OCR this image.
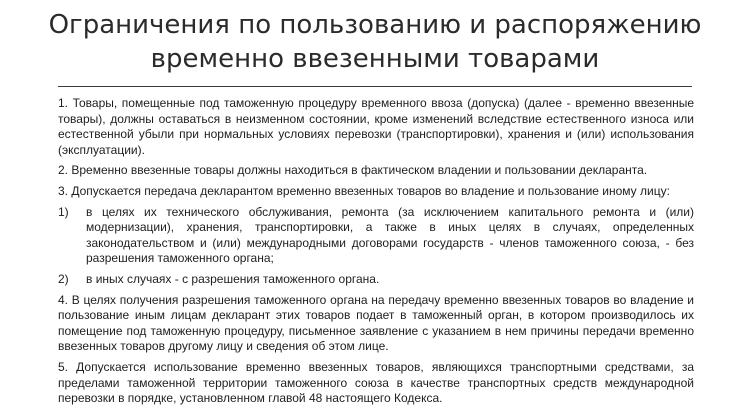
Ограничения по пользованию и распоряжению
временно ввезенными товарами

1. Товары, помещенные под таможенную процедуру временного ввоза (допуска) (далее - временно ввезенные товары), должны оставаться в неизменном состоянии, кроме изменений вследствие естественного износа или естественной убыли при нормальных условиях перевозки (транспортировки), хранения и (или) использования (эксплуатации).

2. Временно ввезенные товары должны находиться в фактическом владении и пользовании декларанта.

3. Допускается передача декларантом временно ввезенных товаров во владение и пользование иному лицу:

1)	в целях их технического обслуживания, ремонта (за исключением капитального ремонта и (или) модернизации), хранения, транспортировки, а также в иных целях в случаях, определенных законодательством и (или) международными договорами государств - членов таможенного союза, - без разрешения таможенного органа;
2)	в иных случаях - с разрешения таможенного органа.

4. В целях получения разрешения таможенного органа на передачу временно ввезенных товаров во владение и пользование иным лицам декларант этих товаров подает в таможенный орган, в котором производилось их помещение под таможенную процедуру, письменное заявление с указанием в нем причины передачи временно ввезенных товаров другому лицу и сведения об этом лице.

5. Допускается использование временно ввезенных товаров, являющихся транспортными средствами, за пределами таможенной территории таможенного союза в качестве транспортных средств международной перевозки в порядке, установленном главой 48 настоящего Кодекса.
